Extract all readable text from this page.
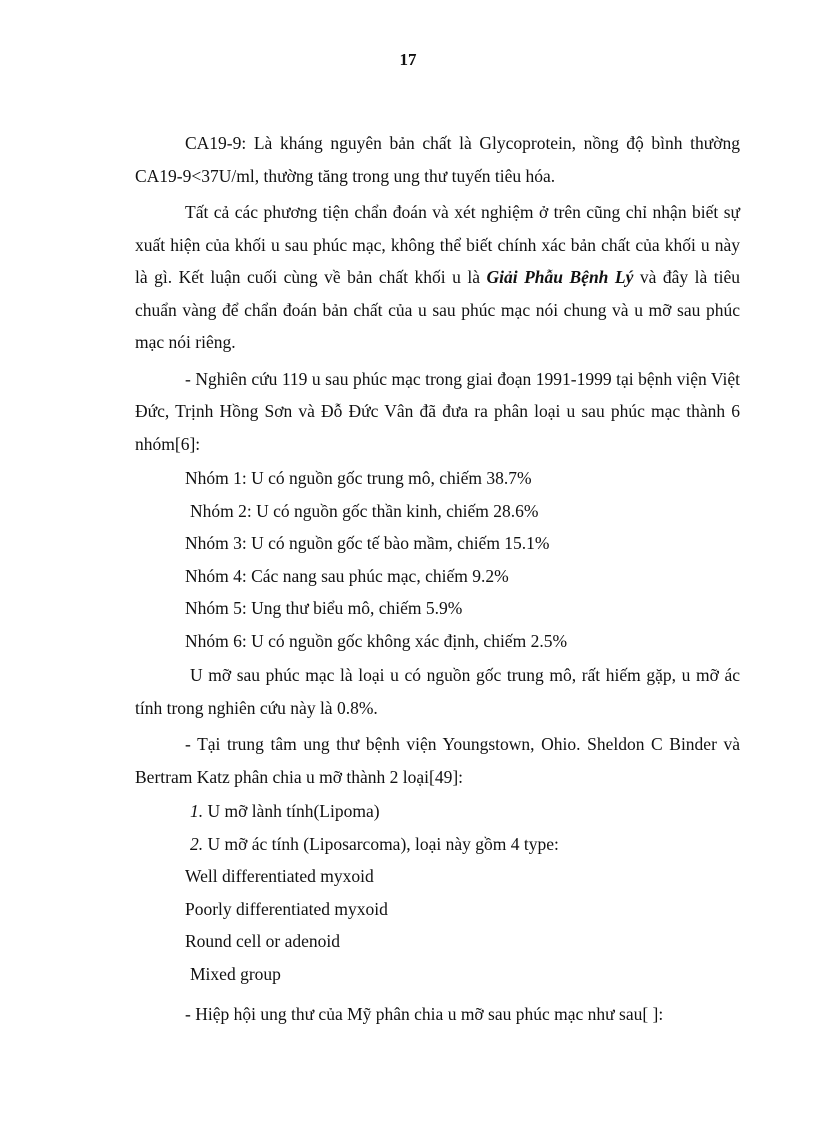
17

CA19-9: Là kháng nguyên bản chất là Glycoprotein, nồng độ bình thường CA19-9<37U/ml, thường tăng trong ung thư tuyến tiêu hóa.

Tất cả các phương tiện chẩn đoán và xét nghiệm ở trên cũng chỉ nhận biết sự xuất hiện của khối u sau phúc mạc, không thể biết chính xác bản chất của khối u này là gì. Kết luận cuối cùng về bản chất khối u là Giải Phẫu Bệnh Lý và đây là tiêu chuẩn vàng để chẩn đoán bản chất của u sau phúc mạc nói chung và u mỡ sau phúc mạc nói riêng.

- Nghiên cứu 119 u sau phúc mạc trong giai đoạn 1991-1999 tại bệnh viện Việt Đức, Trịnh Hồng Sơn và Đỗ Đức Vân đã đưa ra phân loại u sau phúc mạc thành 6 nhóm[6]:

Nhóm 1: U có nguồn gốc trung mô, chiếm 38.7%
Nhóm 2: U có nguồn gốc thần kinh, chiếm 28.6%
Nhóm 3: U có nguồn gốc tế bào mầm, chiếm 15.1%
Nhóm 4: Các nang sau phúc mạc, chiếm 9.2%
Nhóm 5: Ung thư biểu mô, chiếm 5.9%
Nhóm 6: U có nguồn gốc không xác định, chiếm 2.5%

U mỡ sau phúc mạc là loại u có nguồn gốc trung mô, rất hiếm gặp, u mỡ ác tính trong nghiên cứu này là 0.8%.

- Tại trung tâm ung thư bệnh viện Youngstown, Ohio. Sheldon C Binder và Bertram Katz phân chia u mỡ thành 2 loại[49]:

1. U mỡ lành tính(Lipoma)
2. U mỡ ác tính (Liposarcoma), loại này gồm 4 type:
Well differentiated myxoid
Poorly differentiated myxoid
Round cell or adenoid
Mixed group

- Hiệp hội ung thư của Mỹ phân chia u mỡ sau phúc mạc như sau[ ]:
